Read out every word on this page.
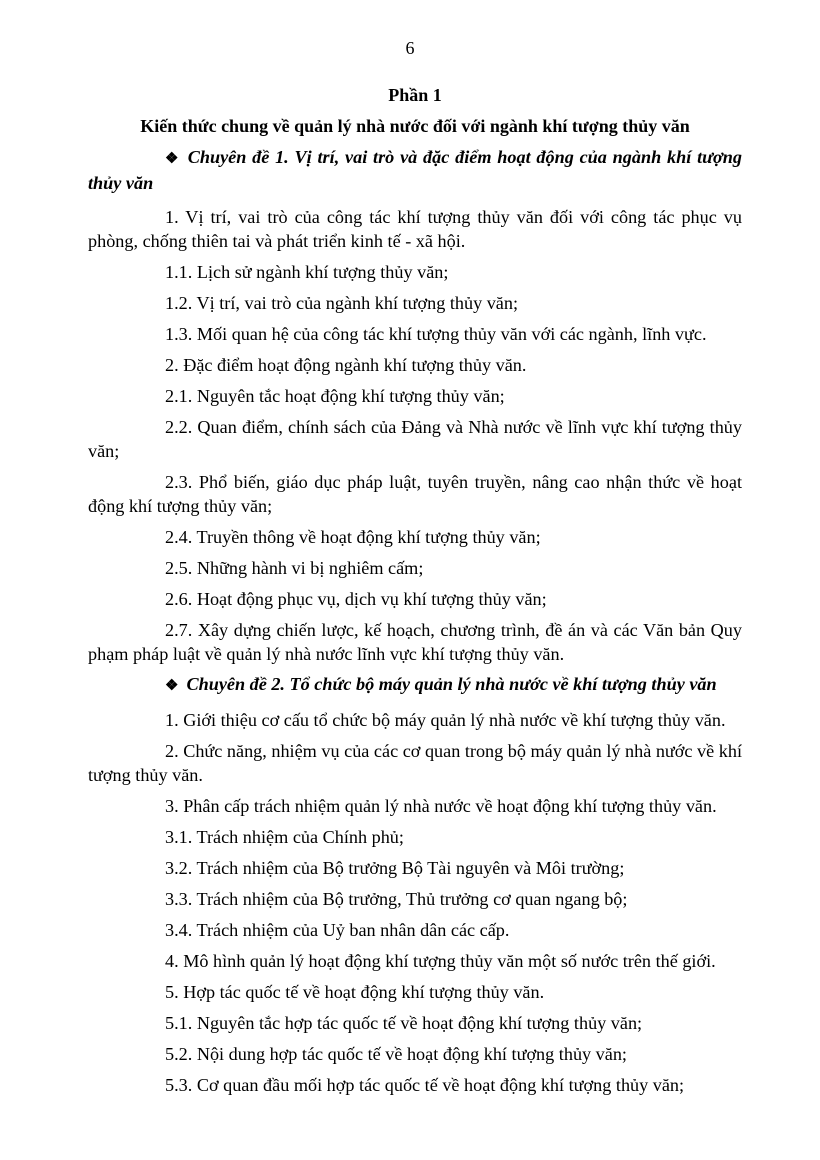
6
Phần 1
Kiến thức chung về quản lý nhà nước đối với ngành khí tượng thủy văn
❖ Chuyên đề 1. Vị trí, vai trò và đặc điểm hoạt động của ngành khí tượng thủy văn
1. Vị trí, vai trò của công tác khí tượng thủy văn đối với công tác phục vụ phòng, chống thiên tai và phát triển kinh tế - xã hội.
1.1. Lịch sử ngành khí tượng thủy văn;
1.2. Vị trí, vai trò của ngành khí tượng thủy văn;
1.3. Mối quan hệ của công tác khí tượng thủy văn với các ngành, lĩnh vực.
2. Đặc điểm hoạt động ngành khí tượng thủy văn.
2.1. Nguyên tắc hoạt động khí tượng thủy văn;
2.2. Quan điểm, chính sách của Đảng và Nhà nước về lĩnh vực khí tượng thủy văn;
2.3. Phổ biến, giáo dục pháp luật, tuyên truyền, nâng cao nhận thức về hoạt động khí tượng thủy văn;
2.4. Truyền thông về hoạt động khí tượng thủy văn;
2.5. Những hành vi bị nghiêm cấm;
2.6. Hoạt động phục vụ, dịch vụ khí tượng thủy văn;
2.7. Xây dựng chiến lược, kế hoạch, chương trình, đề án và các Văn bản Quy phạm pháp luật về quản lý nhà nước lĩnh vực khí tượng thủy văn.
❖ Chuyên đề 2. Tổ chức bộ máy quản lý nhà nước về khí tượng thủy văn
1. Giới thiệu cơ cấu tổ chức bộ máy quản lý nhà nước về khí tượng thủy văn.
2. Chức năng, nhiệm vụ của các cơ quan trong bộ máy quản lý nhà nước về khí tượng thủy văn.
3. Phân cấp trách nhiệm quản lý nhà nước về hoạt động khí tượng thủy văn.
3.1. Trách nhiệm của Chính phủ;
3.2. Trách nhiệm của Bộ trưởng Bộ Tài nguyên và Môi trường;
3.3. Trách nhiệm của Bộ trưởng, Thủ trưởng cơ quan ngang bộ;
3.4. Trách nhiệm của Uỷ ban nhân dân các cấp.
4. Mô hình quản lý hoạt động khí tượng thủy văn một số nước trên thế giới.
5. Hợp tác quốc tế về hoạt động khí tượng thủy văn.
5.1. Nguyên tắc hợp tác quốc tế về hoạt động khí tượng thủy văn;
5.2. Nội dung hợp tác quốc tế về hoạt động khí tượng thủy văn;
5.3. Cơ quan đầu mối hợp tác quốc tế về hoạt động khí tượng thủy văn;
